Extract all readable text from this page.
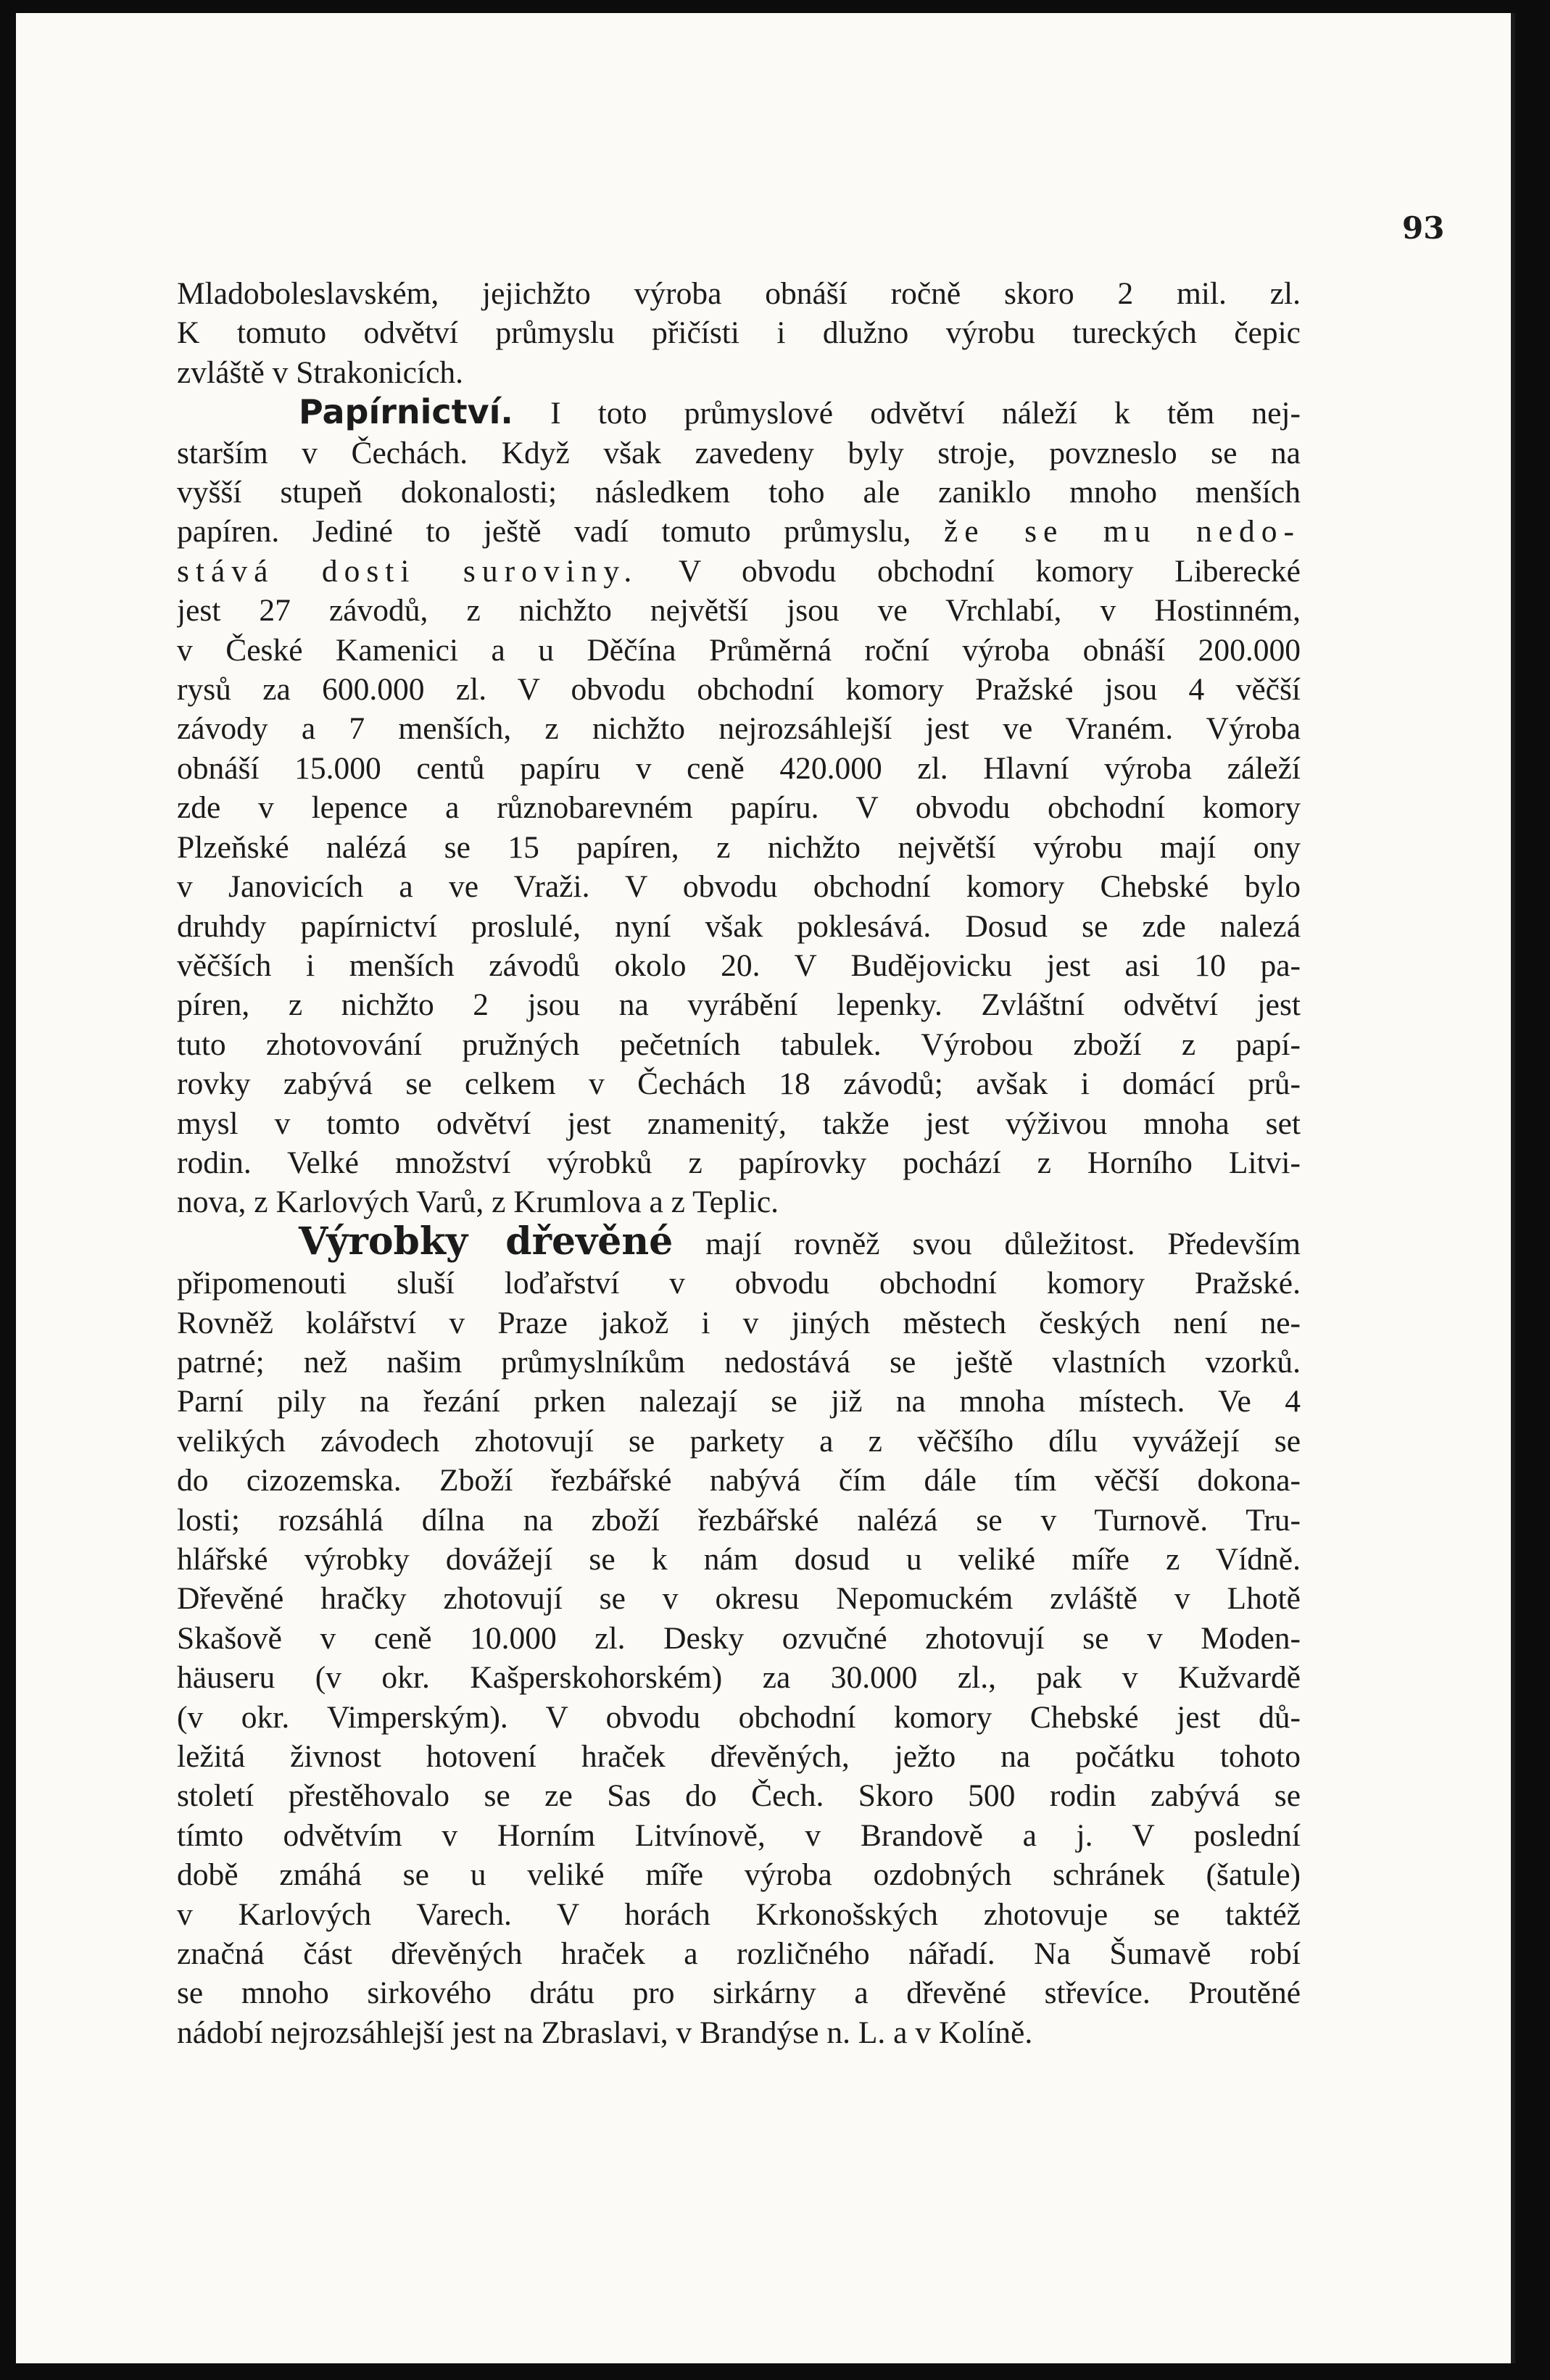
93

Mladoboleslavském, jejichžto výroba obnáší ročně skoro 2 mil. zl.
K tomuto odvětví průmyslu přičísti i dlužno výrobu tureckých čepic
zvláště v Strakonicích.

Papírnictví. I toto průmyslové odvětví náleží k těm nej-
starším v Čechách. Když však zavedeny byly stroje, povzneslo se na
vyšší stupeň dokonalosti; následkem toho ale zaniklo mnoho menších
papíren. Jediné to ještě vadí tomuto průmyslu, že se mu nedo-
stává dosti suroviny. V obvodu obchodní komory Liberecké
jest 27 závodů, z nichžto největší jsou ve Vrchlabí, v Hostinném,
v České Kamenici a u Děčína Průměrná roční výroba obnáší 200.000
rysů za 600.000 zl. V obvodu obchodní komory Pražské jsou 4 věčší
závody a 7 menších, z nichžto nejrozsáhlejší jest ve Vraném. Výroba
obnáší 15.000 centů papíru v ceně 420.000 zl. Hlavní výroba záleží
zde v lepence a různobarevném papíru. V obvodu obchodní komory
Plzeňské nalézá se 15 papíren, z nichžto největší výrobu mají ony
v Janovicích a ve Vraži. V obvodu obchodní komory Chebské bylo
druhdy papírnictví proslulé, nyní však poklesává. Dosud se zde nalezá
věčších i menších závodů okolo 20. V Budějovicku jest asi 10 pa-
píren, z nichžto 2 jsou na vyrábění lepenky. Zvláštní odvětví jest
tuto zhotovování pružných pečetních tabulek. Výrobou zboží z papí-
rovky zabývá se celkem v Čechách 18 závodů; avšak i domácí prů-
mysl v tomto odvětví jest znamenitý, takže jest výživou mnoha set
rodin. Velké množství výrobků z papírovky pochází z Horního Litvi-
nova, z Karlových Varů, z Krumlova a z Teplic.

Výrobky dřevěné mají rovněž svou důležitost. Především
připomenouti sluší loďařství v obvodu obchodní komory Pražské.
Rovněž kolářství v Praze jakož i v jiných městech českých není ne-
patrné; než našim průmyslníkům nedostává se ještě vlastních vzorků.
Parní pily na řezání prken nalezají se již na mnoha místech. Ve 4
velikých závodech zhotovují se parkety a z věčšího dílu vyvážejí se
do cizozemska. Zboží řezbářské nabývá čím dále tím věčší dokona-
losti; rozsáhlá dílna na zboží řezbářské nalézá se v Turnově. Tru-
hlářské výrobky dovážejí se k nám dosud u veliké míře z Vídně.
Dřevěné hračky zhotovují se v okresu Nepomuckém zvláště v Lhotě
Skašově v ceně 10.000 zl. Desky ozvučné zhotovují se v Moden-
häuseru (v okr. Kašperskohorském) za 30.000 zl., pak v Kužvardě
(v okr. Vimperským). V obvodu obchodní komory Chebské jest dů-
ležitá živnost hotovení hraček dřevěných, ježto na počátku tohoto
století přestěhovalo se ze Sas do Čech. Skoro 500 rodin zabývá se
tímto odvětvím v Horním Litvínově, v Brandově a j. V poslední
době zmáhá se u veliké míře výroba ozdobných schránek (šatule)
v Karlových Varech. V horách Krkonošských zhotovuje se taktéž
značná část dřevěných hraček a rozličného nářadí. Na Šumavě robí
se mnoho sirkového drátu pro sirkárny a dřevěné střevíce. Proutěné
nádobí nejrozsáhlejší jest na Zbraslavi, v Brandýse n. L. a v Kolíně.
